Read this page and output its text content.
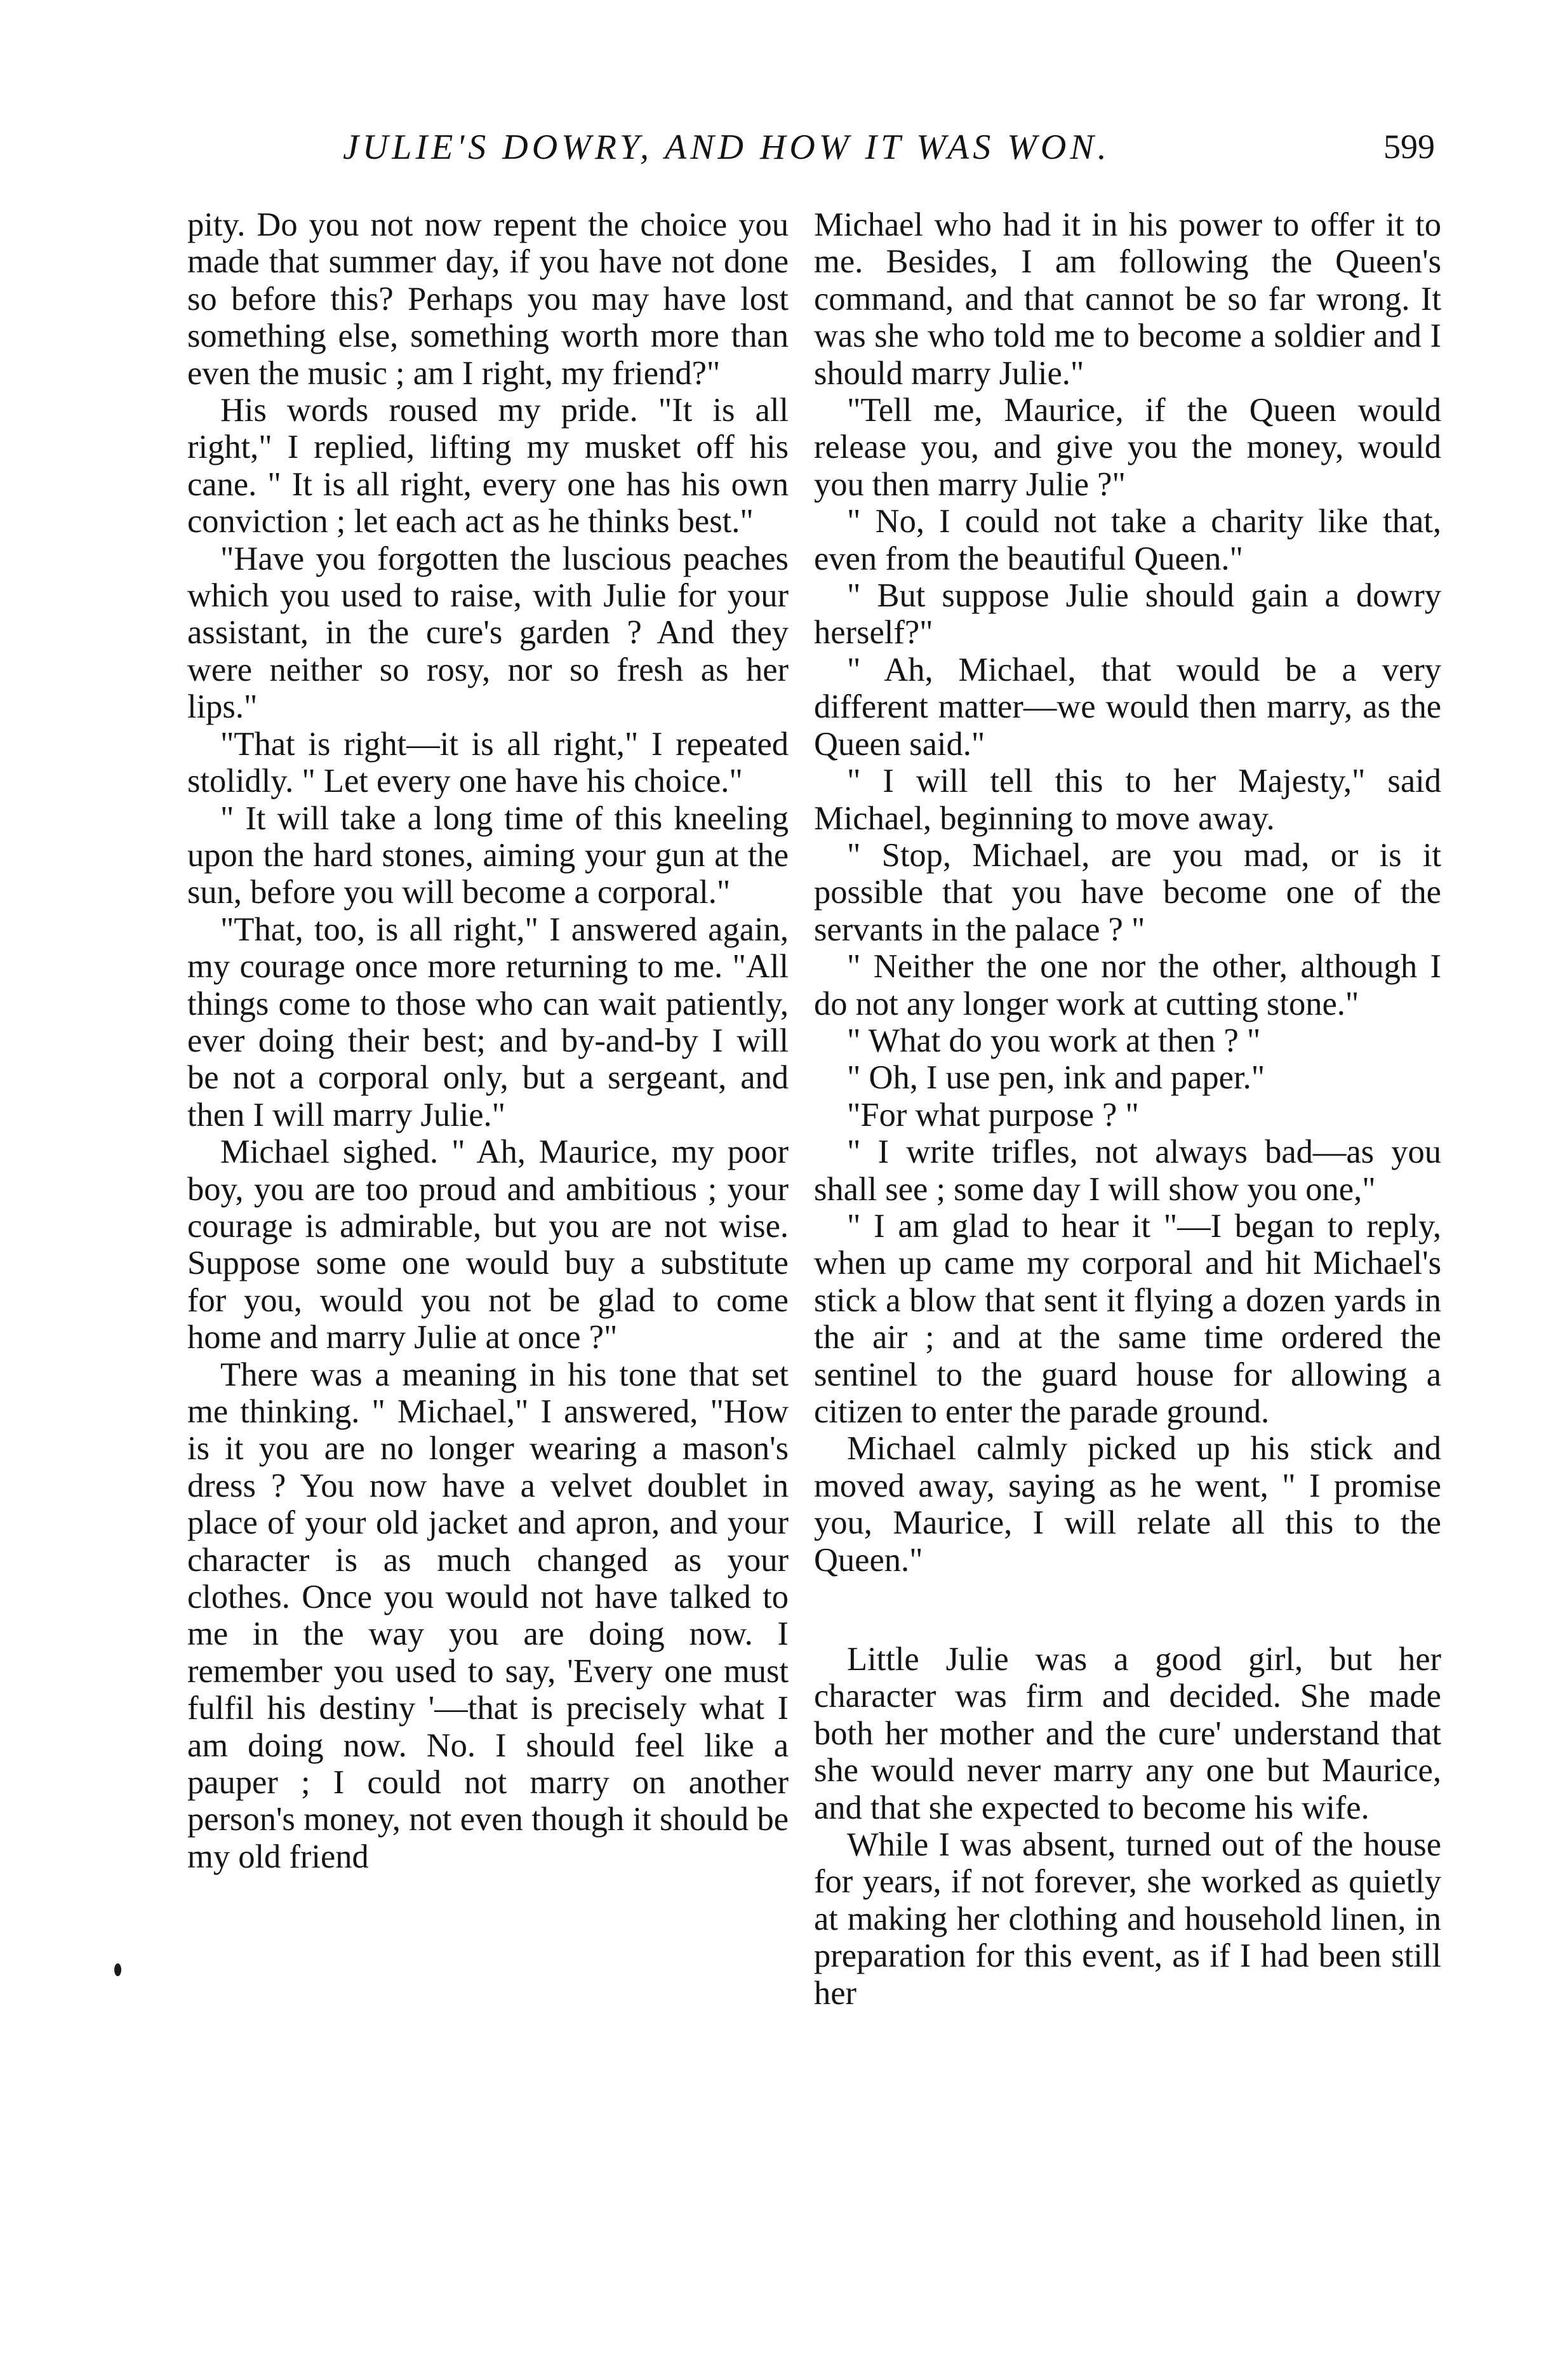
JULIE'S DOWRY, AND HOW IT WAS WON.	599

pity. Do you not now repent the choice you made that summer day, if you have not done so before this? Perhaps you may have lost something else, something worth more than even the music ; am I right, my friend?"

His words roused my pride. "It is all right," I replied, lifting my musket off his cane. " It is all right, every one has his own conviction ; let each act as he thinks best."

"Have you forgotten the luscious peaches which you used to raise, with Julie for your assistant, in the cure's garden ? And they were neither so rosy, nor so fresh as her lips."

"That is right—it is all right," I repeated stolidly. " Let every one have his choice."

" It will take a long time of this kneeling upon the hard stones, aiming your gun at the sun, before you will become a corporal."

"That, too, is all right," I answered again, my courage once more returning to me. "All things come to those who can wait patiently, ever doing their best; and by-and-by I will be not a corporal only, but a sergeant, and then I will marry Julie."

Michael sighed. " Ah, Maurice, my poor boy, you are too proud and ambitious ; your courage is admirable, but you are not wise. Suppose some one would buy a substitute for you, would you not be glad to come home and marry Julie at once ?"

There was a meaning in his tone that set me thinking. " Michael," I answered, "How is it you are no longer wearing a mason's dress ? You now have a velvet doublet in place of your old jacket and apron, and your character is as much changed as your clothes. Once you would not have talked to me in the way you are doing now. I remember you used to say, 'Every one must fulfil his destiny '—that is precisely what I am doing now. No. I should feel like a pauper ; I could not marry on another person's money, not even though it should be my old friend

Michael who had it in his power to offer it to me. Besides, I am following the Queen's command, and that cannot be so far wrong. It was she who told me to become a soldier and I should marry Julie."

"Tell me, Maurice, if the Queen would release you, and give you the money, would you then marry Julie ?"

" No, I could not take a charity like that, even from the beautiful Queen."

" But suppose Julie should gain a dowry herself?"

" Ah, Michael, that would be a very different matter—we would then marry, as the Queen said."

" I will tell this to her Majesty," said Michael, beginning to move away.

" Stop, Michael, are you mad, or is it possible that you have become one of the servants in the palace ? "

" Neither the one nor the other, although I do not any longer work at cutting stone."

" What do you work at then ? "

" Oh, I use pen, ink and paper."

"For what purpose ? "

" I write trifles, not always bad—as you shall see ; some day I will show you one,"

" I am glad to hear it "—I began to reply, when up came my corporal and hit Michael's stick a blow that sent it flying a dozen yards in the air ; and at the same time ordered the sentinel to the guard house for allowing a citizen to enter the parade ground.

Michael calmly picked up his stick and moved away, saying as he went, " I promise you, Maurice, I will relate all this to the Queen."

Little Julie was a good girl, but her character was firm and decided. She made both her mother and the cure' understand that she would never marry any one but Maurice, and that she expected to become his wife.

While I was absent, turned out of the house for years, if not forever, she worked as quietly at making her clothing and household linen, in preparation for this event, as if I had been still her
